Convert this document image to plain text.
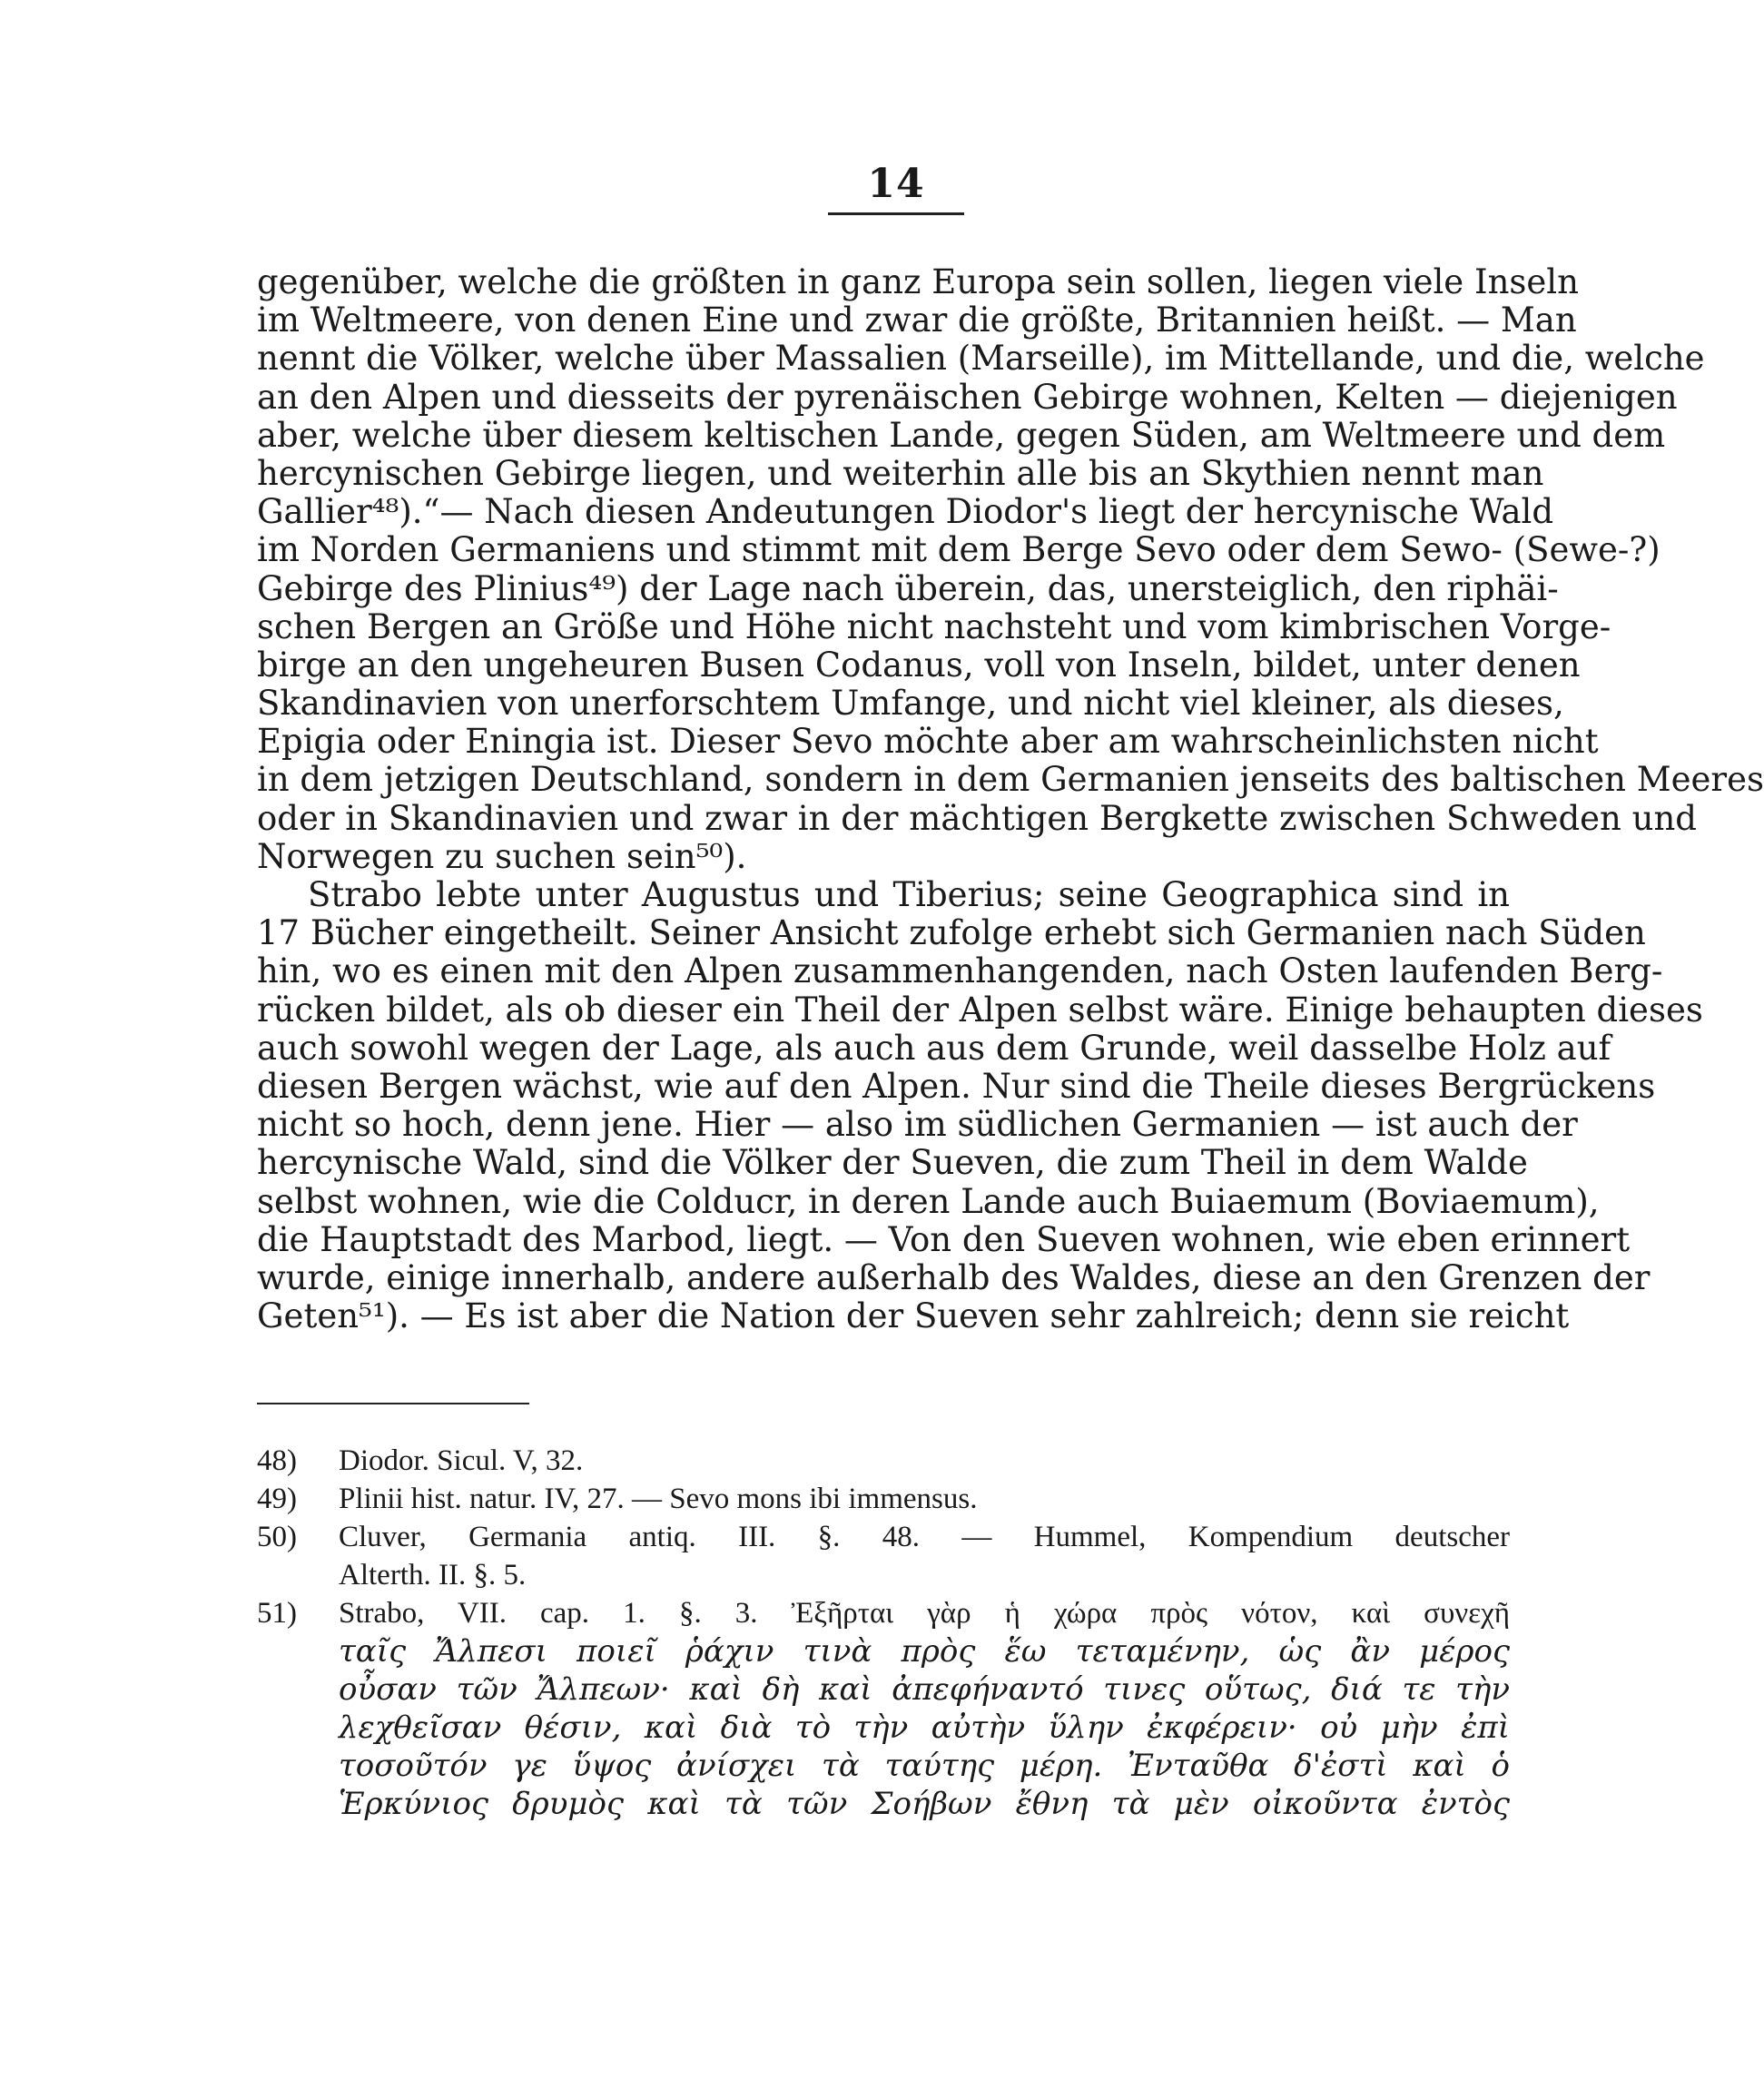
14
gegenüber, welche die größten in ganz Europa sein sollen, liegen viele Inseln
im Weltmeere, von denen Eine und zwar die größte, Britannien heißt. — Man
nennt die Völker, welche über Massalien (Marseille), im Mittellande, und die, welche
an den Alpen und diesseits der pyrenäischen Gebirge wohnen, Kelten — diejenigen
aber, welche über diesem keltischen Lande, gegen Süden, am Weltmeere und dem
hercynischen Gebirge liegen, und weiterhin alle bis an Skythien nennt man
Gallier⁴⁸).“— Nach diesen Andeutungen Diodor's liegt der hercynische Wald
im Norden Germaniens und stimmt mit dem Berge Sevo oder dem Sewo- (Sewe-?)
Gebirge des Plinius⁴⁹) der Lage nach überein, das, unersteiglich, den riphäi-
schen Bergen an Größe und Höhe nicht nachsteht und vom kimbrischen Vorge-
birge an den ungeheuren Busen Codanus, voll von Inseln, bildet, unter denen
Skandinavien von unerforschtem Umfange, und nicht viel kleiner, als dieses,
Epigia oder Eningia ist. Dieser Sevo möchte aber am wahrscheinlichsten nicht
in dem jetzigen Deutschland, sondern in dem Germanien jenseits des baltischen Meeres
oder in Skandinavien und zwar in der mächtigen Bergkette zwischen Schweden und
Norwegen zu suchen sein⁵⁰).
Strabo lebte unter Augustus und Tiberius; seine Geographica sind in
17 Bücher eingetheilt. Seiner Ansicht zufolge erhebt sich Germanien nach Süden
hin, wo es einen mit den Alpen zusammenhangenden, nach Osten laufenden Berg-
rücken bildet, als ob dieser ein Theil der Alpen selbst wäre. Einige behaupten dieses
auch sowohl wegen der Lage, als auch aus dem Grunde, weil dasselbe Holz auf
diesen Bergen wächst, wie auf den Alpen. Nur sind die Theile dieses Bergrückens
nicht so hoch, denn jene. Hier — also im südlichen Germanien — ist auch der
hercynische Wald, sind die Völker der Sueven, die zum Theil in dem Walde
selbst wohnen, wie die Colducr, in deren Lande auch Buiaemum (Boviaemum),
die Hauptstadt des Marbod, liegt. — Von den Sueven wohnen, wie eben erinnert
wurde, einige innerhalb, andere außerhalb des Waldes, diese an den Grenzen der
Geten⁵¹). — Es ist aber die Nation der Sueven sehr zahlreich; denn sie reicht
48)	Diodor. Sicul. V, 32.
49)	Plinii hist. natur. IV, 27. — Sevo mons ibi immensus.
50)	Cluver, Germania antiq. III. §. 48. — Hummel, Kompendium deutscher
Alterth. II. §. 5.
51)	Strabo, VII. cap. 1. §. 3. Ἐξῆρται γὰρ ἡ χώρα πρὸς νότον, καὶ συνεχῆ
ταῖς Ἄλπεσι ποιεῖ ῥάχιν τινὰ πρὸς ἕω τεταμένην, ὡς ἂν μέρος
οὖσαν τῶν Ἄλπεων· καὶ δὴ καὶ ἀπεφήναντό τινες οὕτως, διά τε τὴν
λεχθεῖσαν θέσιν, καὶ διὰ τὸ τὴν αὐτὴν ὕλην ἐκφέρειν· οὐ μὴν ἐπὶ
τοσοῦτόν γε ὕψος ἀνίσχει τὰ ταύτης μέρη. Ἐνταῦθα δ'ἐστὶ καὶ ὁ
Ἑρκύνιος δρυμὸς καὶ τὰ τῶν Σοήβων ἔθνη τὰ μὲν οἰκοῦντα ἐντὸς
